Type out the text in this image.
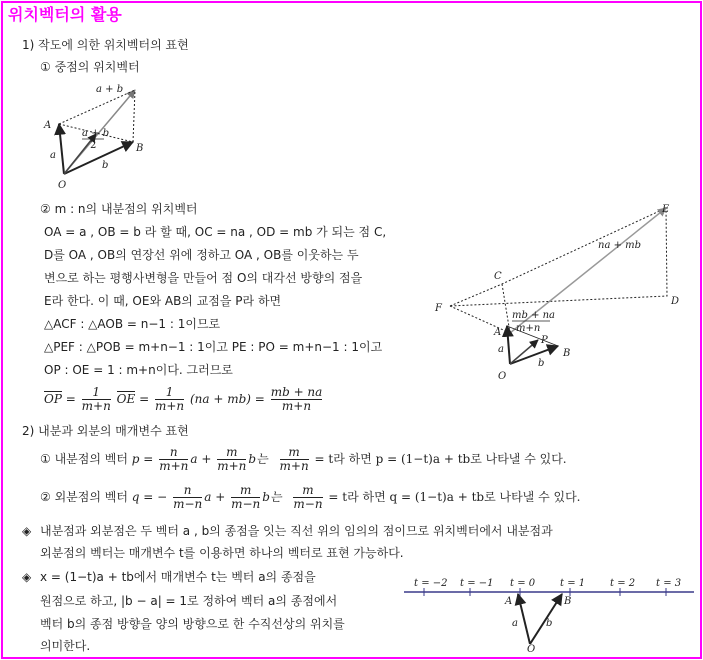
위치벡터의 활용
1) 작도에 의한 위치벡터의 표현
① 중점의 위치벡터
A
B
O
a
b
a + b
a + b
2
② m : n의 내분점의 위치벡터
OA = a , OB = b 라 할 때, OC = na , OD = mb 가 되는 점 C,
D를 OA , OB의 연장선 위에 정하고 OA , OB를 이웃하는 두
변으로 하는 평행사변형을 만들어 점 O의 대각선 방향의 점을
E라 한다. 이 때, OE와 AB의 교점을 P라 하면
△ACF : △AOB = n−1 : 1이므로
△PEF : △POB = m+n−1 : 1이고 PE : PO = m+n−1 : 1이고
OP : OE = 1 : m+n이다. 그러므로
OP = $\frac{1}{m+n}$ OE = $\frac{1}{m+n} (na + mb) = \frac{mb + na}{m+n}$
A
B
O
C
D
E
F
P
a
b
na + mb
mb + na
m+n
2) 내분과 외분의 매개변수 표현
① 내분점의 벡터 $p = \frac{n}{m+n}$ $a + \frac{m}{m+n}$ b는 $\frac{m}{m+n} = t$라 하면 p = (1−t)a + tb로 나타낼 수 있다.
② 외분점의 벡터 q = − $\frac{n}{m-n}$ $a + \frac{m}{m-n}$ b는 $\frac{m}{m-n} = t$라 하면 q = (1−t)a + tb로 나타낼 수 있다.
◈ 내분점과 외분점은 두 벡터 a , b의 종점을 잇는 직선 위의 임의의 점이므로 위치벡터에서 내분점과
외분점의 벡터는 매개변수 t를 이용하면 하나의 벡터로 표현 가능하다.
◈ x = (1−t)a + tb에서 매개변수 t는 벡터 a의 종점을
원점으로 하고, |b − a| = 1로 정하여 벡터 a의 종점에서
벡터 b의 종점 방향을 양의 방향으로 한 수직선상의 위치를
의미한다.
t = −2 t = −1 t = 0 t = 1 t = 2 t = 3
A	B
O
a	b
